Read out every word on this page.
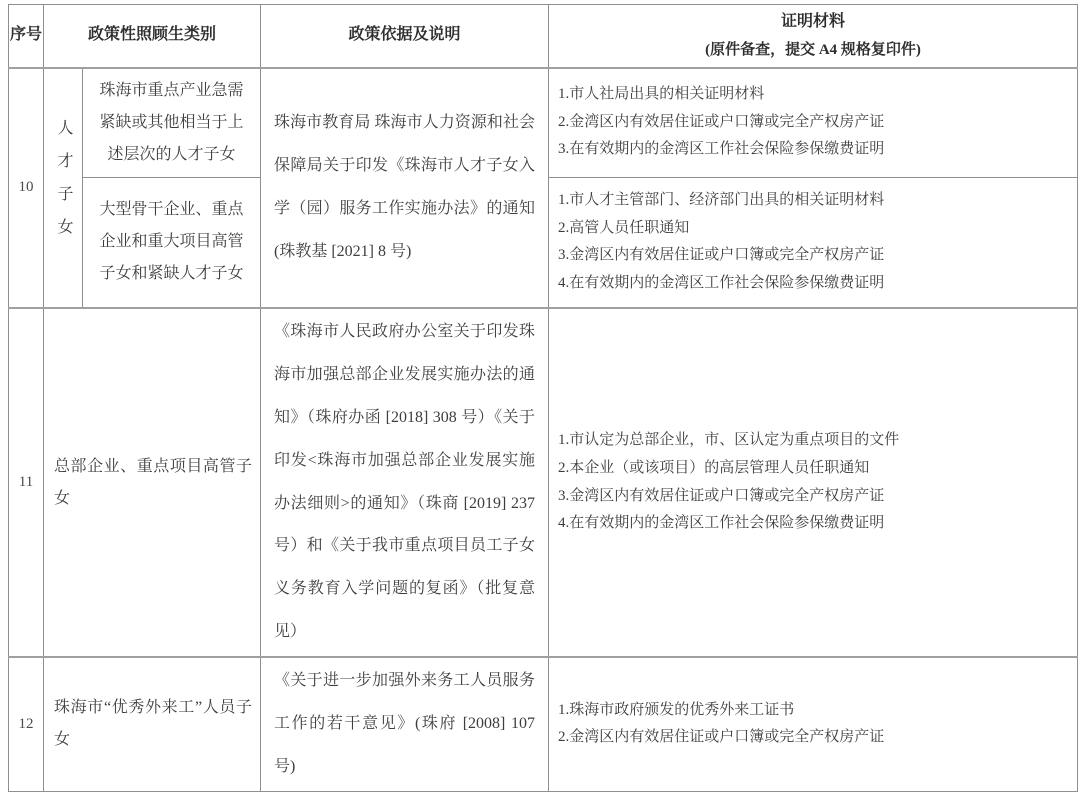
序号	政策性照顾生类别		政策依据及说明	证明材料
(原件备查，提交 A4 规格复印件)

10	人才子女	珠海市重点产业急需紧缺或其他相当于上述层次的人才子女	珠海市教育局 珠海市人力资源和社会保障局关于印发《珠海市人才子女入学（园）服务工作实施办法》的通知(珠教基 [2021] 8 号)	1.市人社局出具的相关证明材料
2.金湾区内有效居住证或户口簿或完全产权房产证
3.在有效期内的金湾区工作社会保险参保缴费证明

		大型骨干企业、重点企业和重大项目高管子女和紧缺人才子女		1.市人才主管部门、经济部门出具的相关证明材料
2.高管人员任职通知
3.金湾区内有效居住证或户口簿或完全产权房产证
4.在有效期内的金湾区工作社会保险参保缴费证明

11	总部企业、重点项目高管子女		《珠海市人民政府办公室关于印发珠海市加强总部企业发展实施办法的通知》（珠府办函 [2018] 308 号）《关于印发<珠海市加强总部企业发展实施办法细则>的通知》（珠商 [2019] 237 号）和《关于我市重点项目员工子女义务教育入学问题的复函》（批复意见）	1.市认定为总部企业，市、区认定为重点项目的文件
2.本企业（或该项目）的高层管理人员任职通知
3.金湾区内有效居住证或户口簿或完全产权房产证
4.在有效期内的金湾区工作社会保险参保缴费证明

12	珠海市“优秀外来工”人员子女		《关于进一步加强外来务工人员服务工作的若干意见》(珠府 [2008] 107 号)	1.珠海市政府颁发的优秀外来工证书
2.金湾区内有效居住证或户口簿或完全产权房产证
